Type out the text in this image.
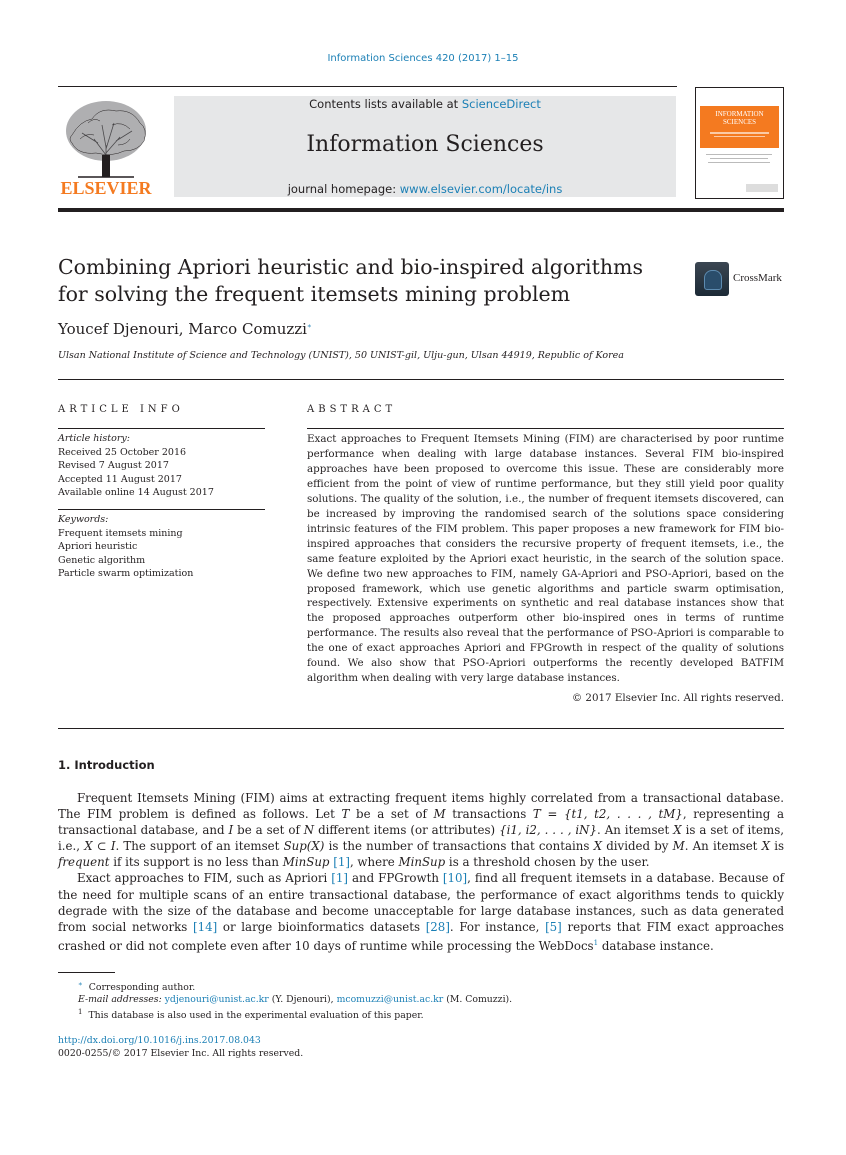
Information Sciences 420 (2017) 1–15
ELSEVIER
Contents lists available at ScienceDirect
Information Sciences
journal homepage: www.elsevier.com/locate/ins
INFORMATION
SCIENCES
Combining Apriori heuristic and bio-inspired algorithms for solving the frequent itemsets mining problem
CrossMark
Youcef Djenouri, Marco Comuzzi∗
Ulsan National Institute of Science and Technology (UNIST), 50 UNIST-gil, Ulju-gun, Ulsan 44919, Republic of Korea
ARTICLE INFO
Article history:
Received 25 October 2016
Revised 7 August 2017
Accepted 11 August 2017
Available online 14 August 2017
Keywords:
Frequent itemsets mining
Apriori heuristic
Genetic algorithm
Particle swarm optimization
ABSTRACT
Exact approaches to Frequent Itemsets Mining (FIM) are characterised by poor runtime performance when dealing with large database instances. Several FIM bio-inspired approaches have been proposed to overcome this issue. These are considerably more efficient from the point of view of runtime performance, but they still yield poor quality solutions. The quality of the solution, i.e., the number of frequent itemsets discovered, can be increased by improving the randomised search of the solutions space considering intrinsic features of the FIM problem. This paper proposes a new framework for FIM bio-inspired approaches that considers the recursive property of frequent itemsets, i.e., the same feature exploited by the Apriori exact heuristic, in the search of the solution space. We define two new approaches to FIM, namely GA-Apriori and PSO-Apriori, based on the proposed framework, which use genetic algorithms and particle swarm optimisation, respectively. Extensive experiments on synthetic and real database instances show that the proposed approaches outperform other bio-inspired ones in terms of runtime performance. The results also reveal that the performance of PSO-Apriori is comparable to the one of exact approaches Apriori and FPGrowth in respect of the quality of solutions found. We also show that PSO-Apriori outperforms the recently developed BATFIM algorithm when dealing with very large database instances.
© 2017 Elsevier Inc. All rights reserved.
1. Introduction

Frequent Itemsets Mining (FIM) aims at extracting frequent items highly correlated from a transactional database. The FIM problem is defined as follows. Let T be a set of M transactions T = {t1, t2, . . . , tM}, representing a transactional database, and I be a set of N different items (or attributes) {i1, i2, . . . , iN}. An itemset X is a set of items, i.e., X ⊂ I. The support of an itemset Sup(X) is the number of transactions that contains X divided by M. An itemset X is frequent if its support is no less than MinSup [1], where MinSup is a threshold chosen by the user.

Exact approaches to FIM, such as Apriori [1] and FPGrowth [10], find all frequent itemsets in a database. Because of the need for multiple scans of an entire transactional database, the performance of exact algorithms tends to quickly degrade with the size of the database and become unacceptable for large database instances, such as data generated from social networks [14] or large bioinformatics datasets [28]. For instance, [5] reports that FIM exact approaches crashed or did not complete even after 10 days of runtime while processing the WebDocs$^1$ database instance.

∗ Corresponding author.
E-mail addresses: ydjenouri@unist.ac.kr (Y. Djenouri), mcomuzzi@unist.ac.kr (M. Comuzzi).
$^1$ This database is also used in the experimental evaluation of this paper.
http://dx.doi.org/10.1016/j.ins.2017.08.043
0020-0255/© 2017 Elsevier Inc. All rights reserved.
